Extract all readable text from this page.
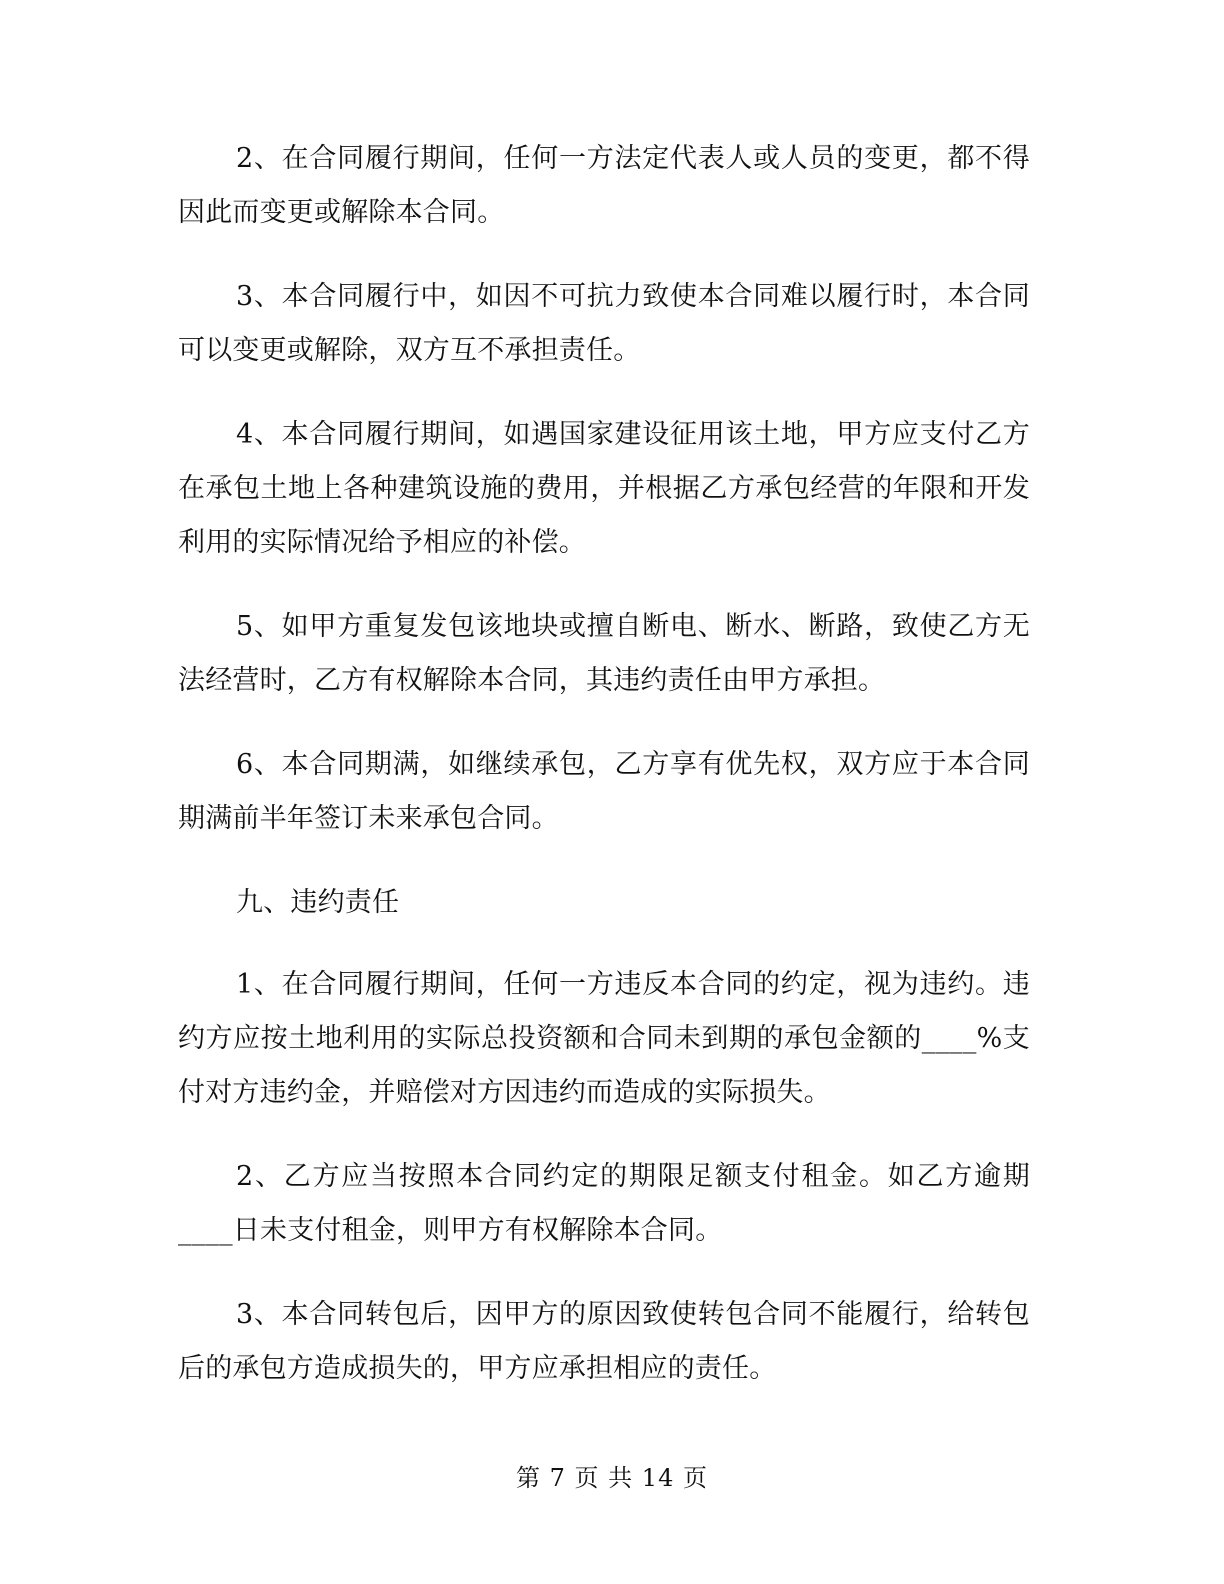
2、在合同履行期间，任何一方法定代表人或人员的变更，都不得因此而变更或解除本合同。

3、本合同履行中，如因不可抗力致使本合同难以履行时，本合同可以变更或解除，双方互不承担责任。

4、本合同履行期间，如遇国家建设征用该土地，甲方应支付乙方在承包土地上各种建筑设施的费用，并根据乙方承包经营的年限和开发利用的实际情况给予相应的补偿。

5、如甲方重复发包该地块或擅自断电、断水、断路，致使乙方无法经营时，乙方有权解除本合同，其违约责任由甲方承担。

6、本合同期满，如继续承包，乙方享有优先权，双方应于本合同期满前半年签订未来承包合同。

九、违约责任

1、在合同履行期间，任何一方违反本合同的约定，视为违约。违约方应按土地利用的实际总投资额和合同未到期的承包金额的____%支付对方违约金，并赔偿对方因违约而造成的实际损失。

2、乙方应当按照本合同约定的期限足额支付租金。如乙方逾期____日未支付租金，则甲方有权解除本合同。

3、本合同转包后，因甲方的原因致使转包合同不能履行，给转包后的承包方造成损失的，甲方应承担相应的责任。

第 7 页 共 14 页
